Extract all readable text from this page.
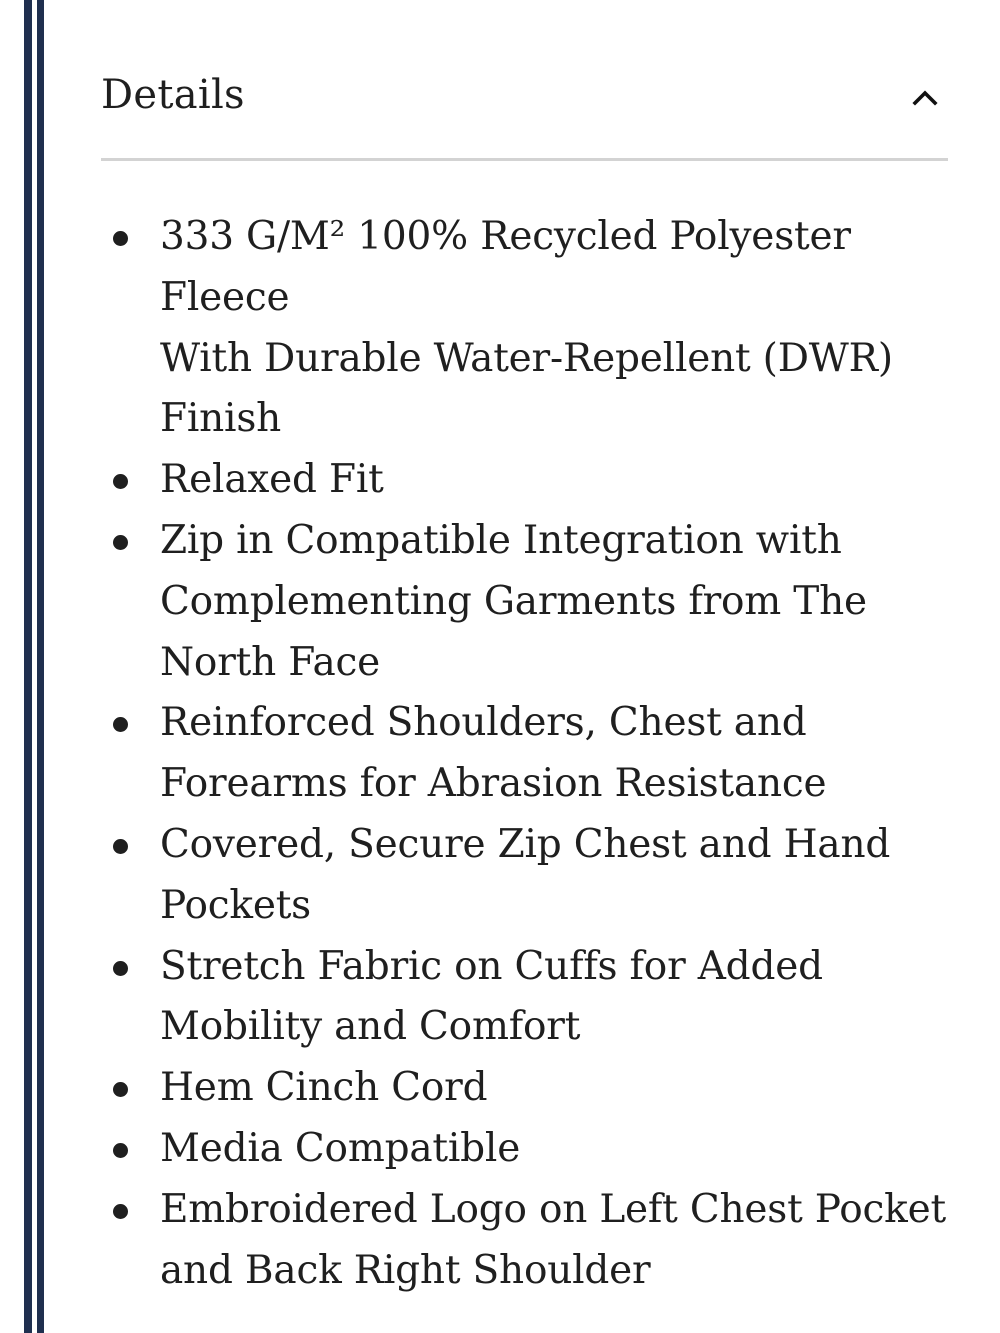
Details
333 G/M² 100% Recycled Polyester Fleece
With Durable Water-Repellent (DWR)
Finish
Relaxed Fit
Zip in Compatible Integration with
Complementing Garments from The
North Face
Reinforced Shoulders, Chest and
Forearms for Abrasion Resistance
Covered, Secure Zip Chest and Hand
Pockets
Stretch Fabric on Cuffs for Added
Mobility and Comfort
Hem Cinch Cord
Media Compatible
Embroidered Logo on Left Chest Pocket
and Back Right Shoulder
